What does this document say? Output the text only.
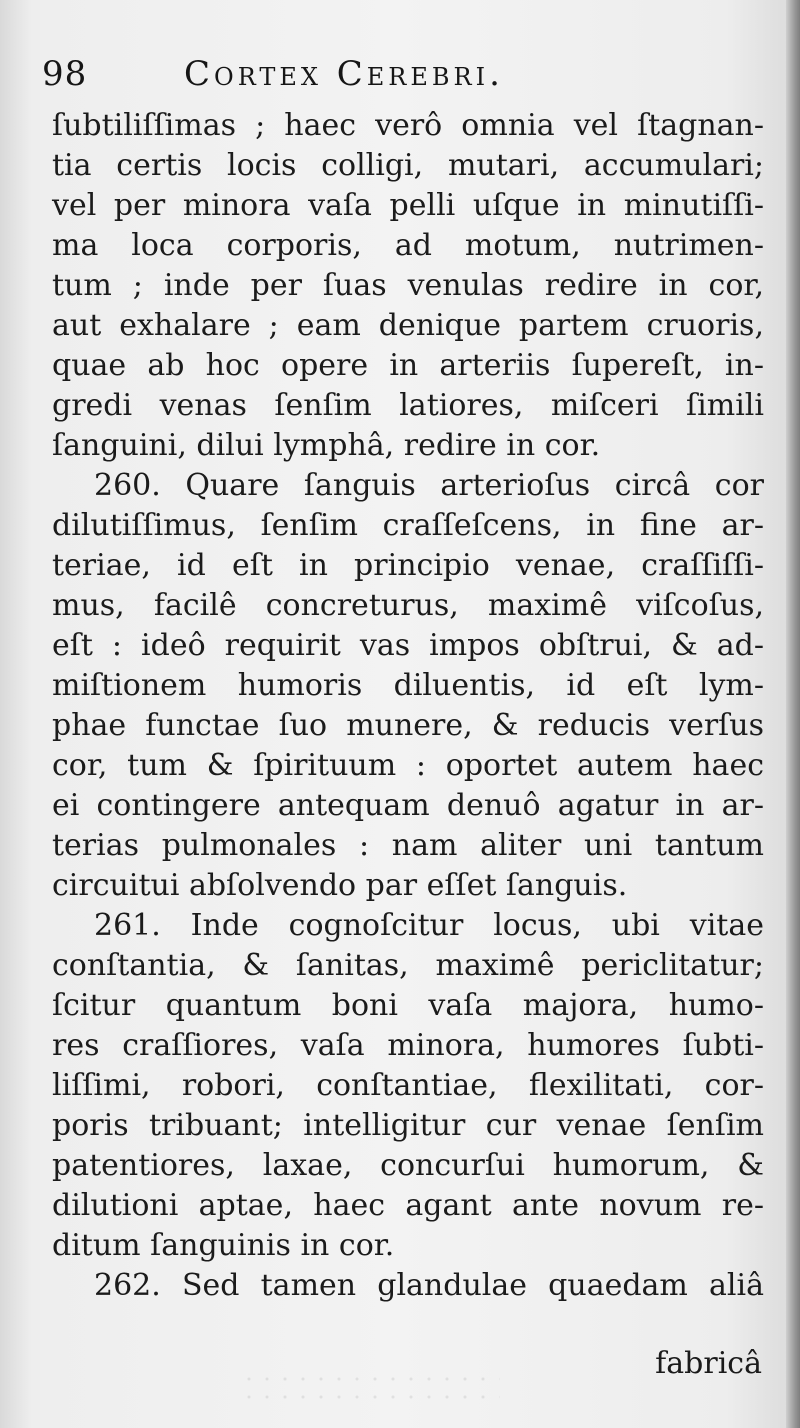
98	Cortex Cerebri.
ſubtiliſſimas ; haec verô omnia vel ſtagnan-
tia certis locis colligi, mutari, accumulari;
vel per minora vaſa pelli uſque in minutiſſi-
ma loca corporis, ad motum, nutrimen-
tum ; inde per ſuas venulas redire in cor,
aut exhalare ; eam denique partem cruoris,
quae ab hoc opere in arteriis ſupereſt, in-
gredi venas ſenſim latiores, miſceri ſimili
ſanguini, dilui lymphâ, redire in cor.
260. Quare ſanguis arterioſus circâ cor
dilutiſſimus, ſenſim craſſeſcens, in fine ar-
teriae, id eſt in principio venae, craſſiſſi-
mus, facilê concreturus, maximê viſcoſus,
eſt : ideô requirit vas impos obſtrui, & ad-
miſtionem humoris diluentis, id eſt lym-
phae functae ſuo munere, & reducis verſus
cor, tum & ſpirituum : oportet autem haec
ei contingere antequam denuô agatur in ar-
terias pulmonales : nam aliter uni tantum
circuitui abſolvendo par eſſet ſanguis.
261. Inde cognoſcitur locus, ubi vitae
conſtantia, & ſanitas, maximê periclitatur;
ſcitur quantum boni vaſa majora, humo-
res craſſiores, vaſa minora, humores ſubti-
liſſimi, robori, conſtantiae, flexilitati, cor-
poris tribuant; intelligitur cur venae ſenſim
patentiores, laxae, concurſui humorum, &
dilutioni aptae, haec agant ante novum re-
ditum ſanguinis in cor.
262. Sed tamen glandulae quaedam aliâ
fabricâ
